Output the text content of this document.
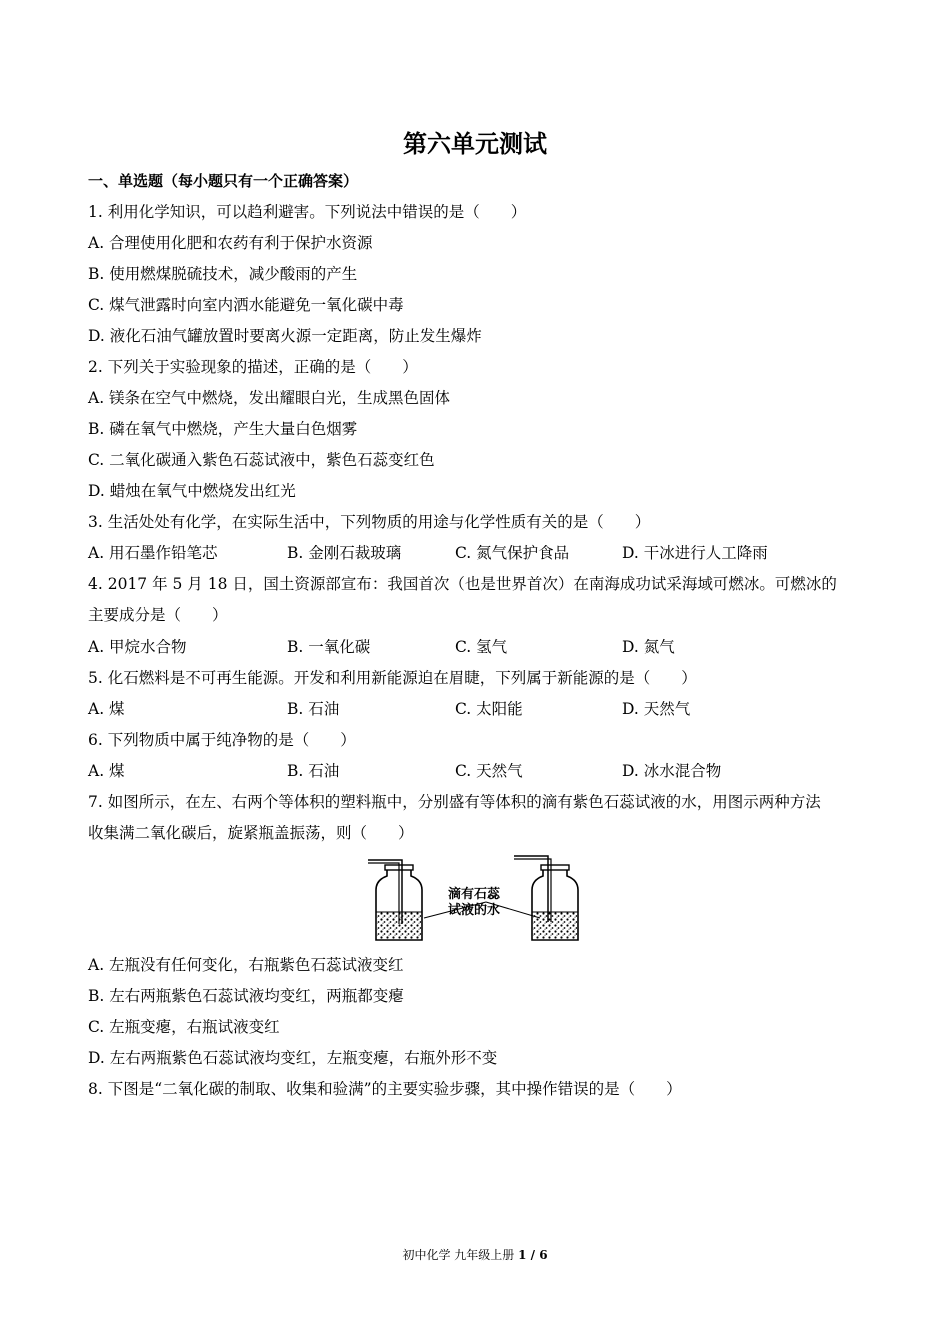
第六单元测试
一、单选题（每小题只有一个正确答案）
1. 利用化学知识，可以趋利避害。下列说法中错误的是（　　）
A. 合理使用化肥和农药有利于保护水资源
B. 使用燃煤脱硫技术，减少酸雨的产生
C. 煤气泄露时向室内洒水能避免一氧化碳中毒
D. 液化石油气罐放置时要离火源一定距离，防止发生爆炸
2. 下列关于实验现象的描述，正确的是（　　）
A. 镁条在空气中燃烧，发出耀眼白光，生成黑色固体
B. 磷在氧气中燃烧，产生大量白色烟雾
C. 二氧化碳通入紫色石蕊试液中，紫色石蕊变红色
D. 蜡烛在氧气中燃烧发出红光
3. 生活处处有化学，在实际生活中，下列物质的用途与化学性质有关的是（　　）
A. 用石墨作铅笔芯	B. 金刚石裁玻璃	C. 氮气保护食品	D. 干冰进行人工降雨
4. 2017 年 5 月 18 日，国土资源部宣布：我国首次（也是世界首次）在南海成功试采海域可燃冰。可燃冰的
主要成分是（　　）
A. 甲烷水合物	B. 一氧化碳	C. 氢气	D. 氮气
5. 化石燃料是不可再生能源。开发和利用新能源迫在眉睫，下列属于新能源的是（　　）
A. 煤	B. 石油	C. 太阳能	D. 天然气
6. 下列物质中属于纯净物的是（　　）
A. 煤	B. 石油	C. 天然气	D. 冰水混合物
7. 如图所示，在左、右两个等体积的塑料瓶中，分别盛有等体积的滴有紫色石蕊试液的水，用图示两种方法
收集满二氧化碳后，旋紧瓶盖振荡，则（　　）
滴有石蕊
试液的水
A. 左瓶没有任何变化，右瓶紫色石蕊试液变红
B. 左右两瓶紫色石蕊试液均变红，两瓶都变瘪
C. 左瓶变瘪，右瓶试液变红
D. 左右两瓶紫色石蕊试液均变红，左瓶变瘪，右瓶外形不变
8. 下图是“二氧化碳的制取、收集和验满”的主要实验步骤，其中操作错误的是（　　）
初中化学 九年级上册 1 / 6
